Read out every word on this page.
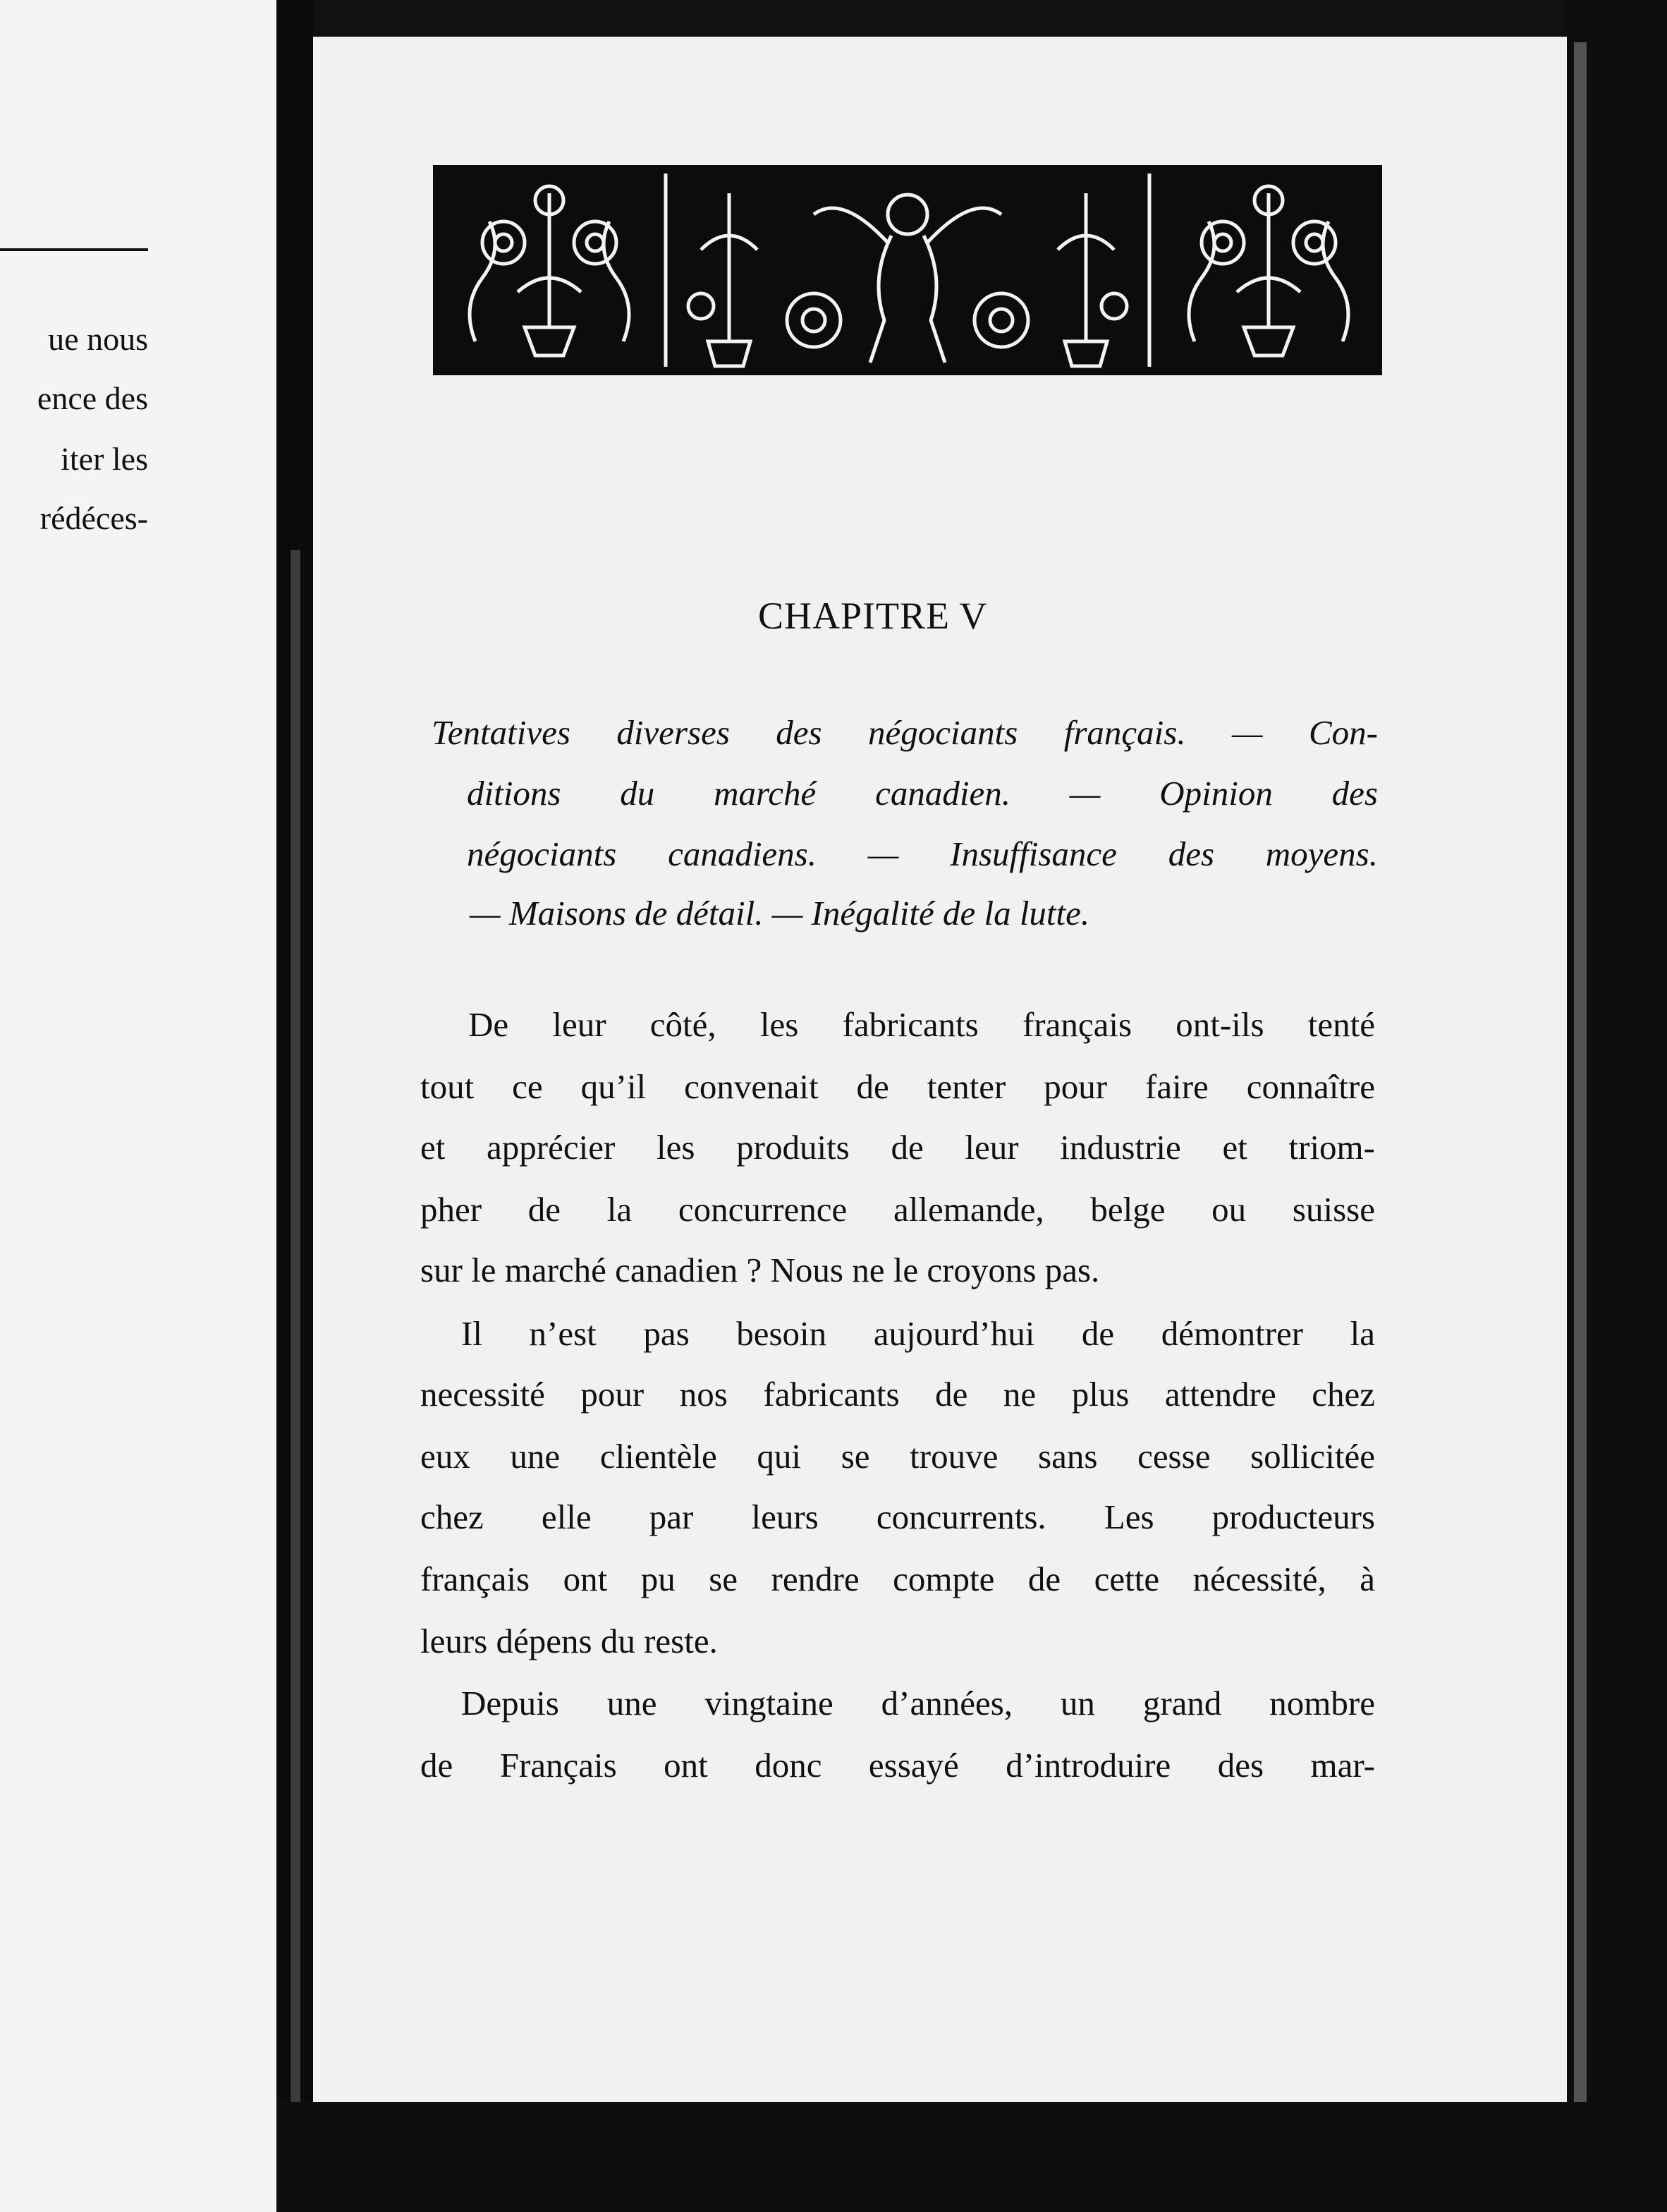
ue nous
ence des
iter les
rédéces-
CHAPITRE V
Tentatives diverses des négociants français. — Con-
ditions du marché canadien. — Opinion des
négociants canadiens. — Insuffisance des moyens.
— Maisons de détail. — Inégalité de la lutte.
De leur côté, les fabricants français ont-ils tenté
tout ce qu’il convenait de tenter pour faire connaître
et apprécier les produits de leur industrie et triom-
pher de la concurrence allemande, belge ou suisse
sur le marché canadien ? Nous ne le croyons pas.
Il n’est pas besoin aujourd’hui de démontrer la
necessité pour nos fabricants de ne plus attendre chez
eux une clientèle qui se trouve sans cesse sollicitée
chez elle par leurs concurrents. Les producteurs
français ont pu se rendre compte de cette nécessité, à
leurs dépens du reste.
Depuis une vingtaine d’années, un grand nombre
de Français ont donc essayé d’introduire des mar-
